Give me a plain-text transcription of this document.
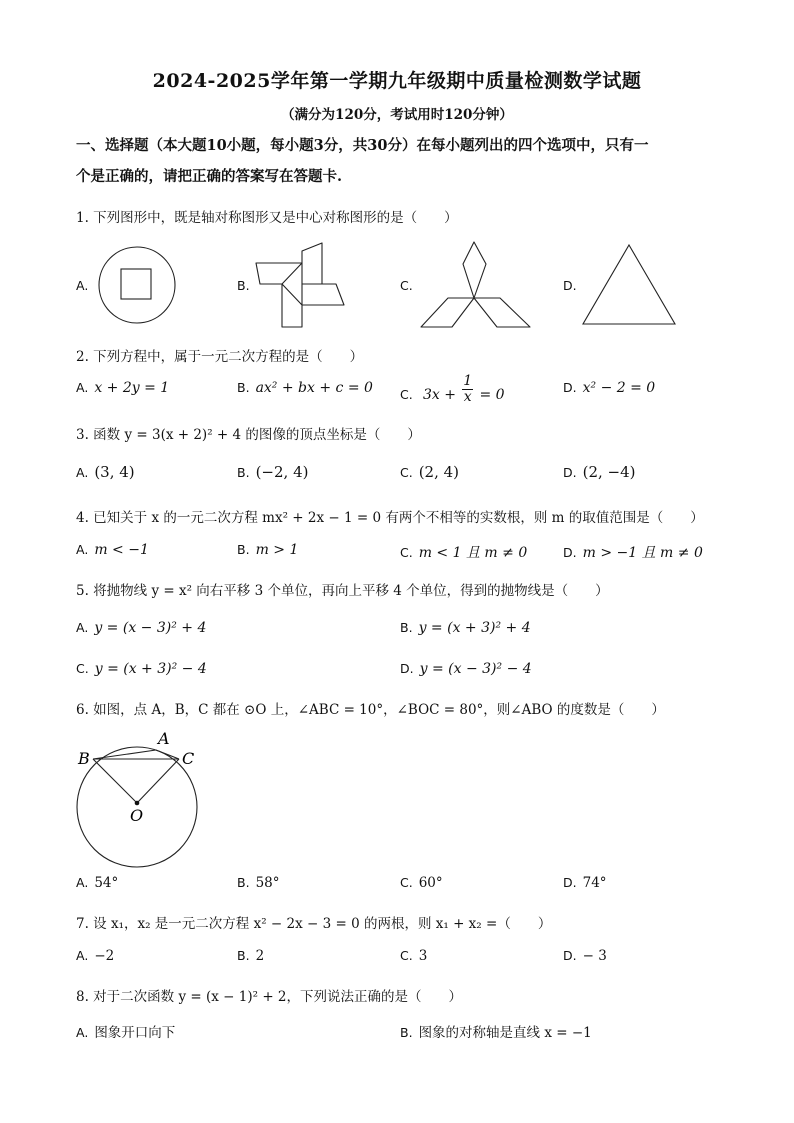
2024-2025学年第一学期九年级期中质量检测数学试题
（满分为120分，考试用时120分钟）
一、选择题（本大题10小题，每小题3分，共30分）在每小题列出的四个选项中，只有一
个是正确的，请把正确的答案写在答题卡.
1. 下列图形中，既是轴对称图形又是中心对称图形的是（　　）
A.	B.	C.	D.
2. 下列方程中，属于一元二次方程的是（　　）
A. x + 2y = 1	B. ax² + bx + c = 0 C. $3x + \frac{1}{x} = 0$	D. x² − 2 = 0
3. 函数 y = 3(x + 2)² + 4 的图像的顶点坐标是（　　）
A. (3, 4)	B. (−2, 4)	C. (2, 4)	D. (2, −4)
4. 已知关于 x 的一元二次方程 mx² + 2x − 1 = 0 有两个不相等的实数根，则 m 的取值范围是（　　）
A. m < −1	B. m > 1	C. m < 1 且 m ≠ 0	D. m > −1 且 m ≠ 0
5. 将抛物线 y = x² 向右平移 3 个单位，再向上平移 4 个单位，得到的抛物线是（　　）
A. y = (x − 3)² + 4	B. y = (x + 3)² + 4
C. y = (x + 3)² − 4	D. y = (x − 3)² − 4
6. 如图，点 A，B，C 都在 ⊙O 上，∠ABC = 10°，∠BOC = 80°，则∠ABO 的度数是（　　）
A
B	C
O
A. 54°	B. 58°	C. 60°	D. 74°
7. 设 x₁，x₂ 是一元二次方程 x² − 2x − 3 = 0 的两根，则 x₁ + x₂ =（　　）
A. −2	B. 2	C. 3	D. − 3
8. 对于二次函数 y = (x − 1)² + 2，下列说法正确的是（　　）
A. 图象开口向下	B. 图象的对称轴是直线 x = −1
